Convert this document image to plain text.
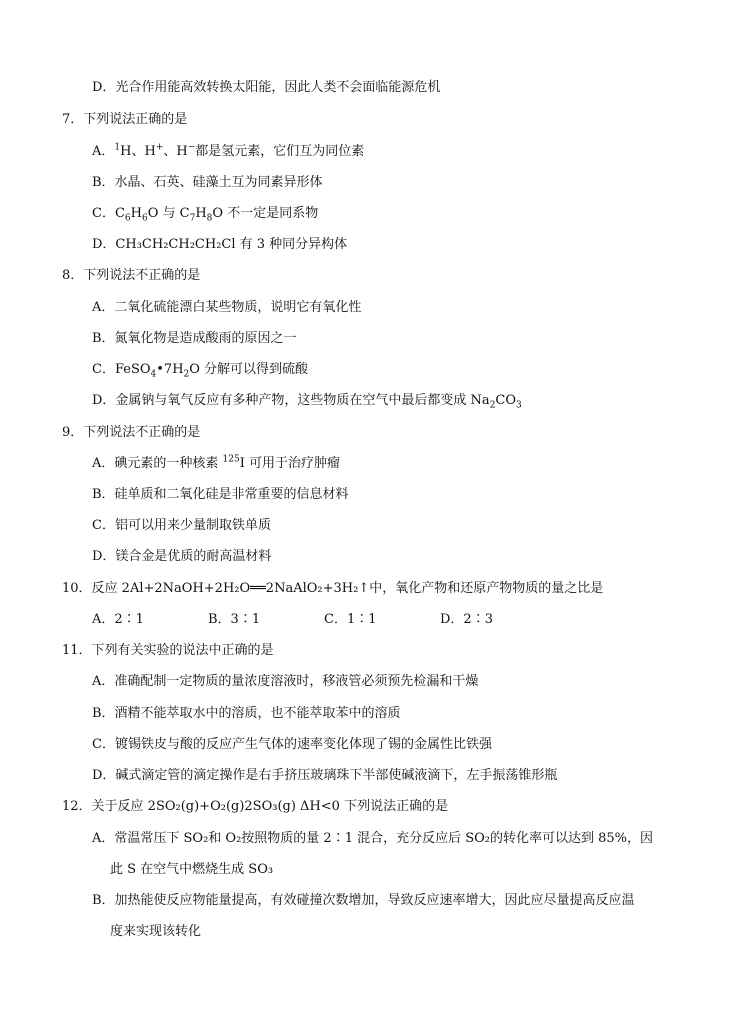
D．光合作用能高效转换太阳能，因此人类不会面临能源危机
7．下列说法正确的是
A．$^1$H、H+、H−都是氢元素，它们互为同位素
B．水晶、石英、硅藻土互为同素异形体
C．$C_6H_6O$ 与 $C_7H_8O$ 不一定是同系物
D．CH₃CH₂CH₂CH₂Cl 有 3 种同分异构体
8．下列说法不正确的是
A．二氧化硫能漂白某些物质，说明它有氧化性
B．氮氧化物是造成酸雨的原因之一
C．$FeSO_4•7H_2O$ 分解可以得到硫酸
D．金属钠与氧气反应有多种产物，这些物质在空气中最后都变成 $Na_2CO_3$
9．下列说法不正确的是
A．碘元素的一种核素 $^{125}$I 可用于治疗肿瘤
B．硅单质和二氧化硅是非常重要的信息材料
C．铝可以用来少量制取铁单质
D．镁合金是优质的耐高温材料
10．反应 2Al+2NaOH+2H₂O══2NaAlO₂+3H₂↑中，氧化产物和还原产物物质的量之比是
A．2∶1	B．3∶1	C．1∶1	D．2∶3
11．下列有关实验的说法中正确的是
A．准确配制一定物质的量浓度溶液时，移液管必须预先检漏和干燥
B．酒精不能萃取水中的溶质，也不能萃取苯中的溶质
C．镀锡铁皮与酸的反应产生气体的速率变化体现了锡的金属性比铁强
D．碱式滴定管的滴定操作是右手挤压玻璃珠下半部使碱液滴下，左手振荡锥形瓶
12．关于反应 2SO₂(g)+O₂(g)2SO₃(g) ΔH<0 下列说法正确的是
A．常温常压下 SO₂和 O₂按照物质的量 2∶1 混合，充分反应后 SO₂的转化率可以达到 85%，因
此 S 在空气中燃烧生成 SO₃
B．加热能使反应物能量提高，有效碰撞次数增加，导致反应速率增大，因此应尽量提高反应温
度来实现该转化
